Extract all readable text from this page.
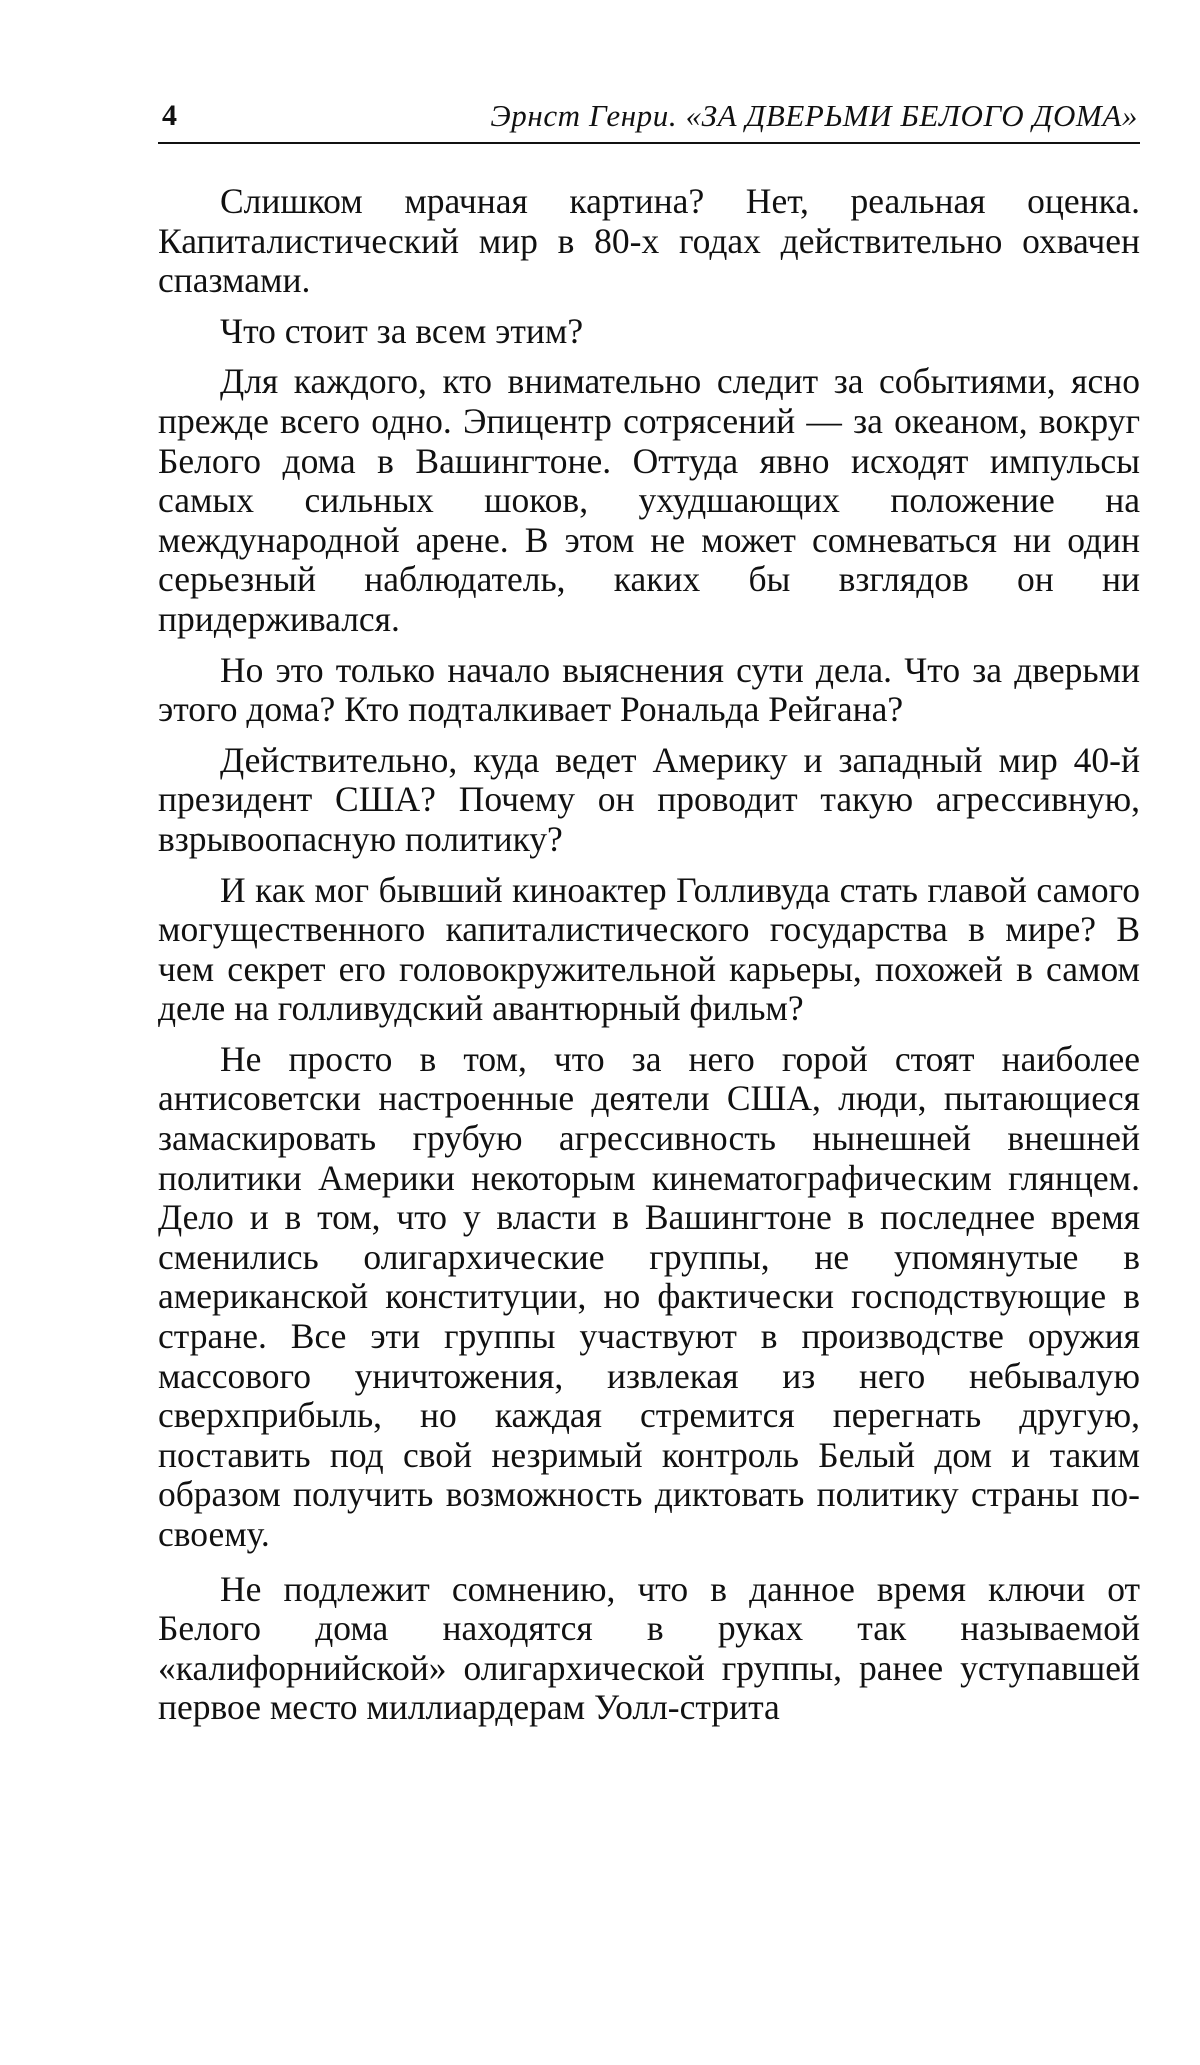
4	Эрнст Генри. «ЗА ДВЕРЬМИ БЕЛОГО ДОМА»

Слишком мрачная картина? Нет, реальная оценка. Капиталистический мир в 80-х годах действительно охвачен спазмами.

Что стоит за всем этим?

Для каждого, кто внимательно следит за событиями, ясно прежде всего одно. Эпицентр сотрясений — за океаном, вокруг Белого дома в Вашингтоне. Оттуда явно исходят импульсы самых сильных шоков, ухудшающих положение на международной арене. В этом не может сомневаться ни один серьезный наблюдатель, каких бы взглядов он ни придерживался.

Но это только начало выяснения сути дела. Что за дверьми этого дома? Кто подталкивает Рональда Рейгана?

Действительно, куда ведет Америку и западный мир 40-й президент США? Почему он проводит такую агрессивную, взрывоопасную политику?

И как мог бывший киноактер Голливуда стать главой самого могущественного капиталистического государства в мире? В чем секрет его головокружительной карьеры, похожей в самом деле на голливудский авантюрный фильм?

Не просто в том, что за него горой стоят наиболее антисоветски настроенные деятели США, люди, пытающиеся замаскировать грубую агрессивность нынешней внешней политики Америки некоторым кинематографическим глянцем. Дело и в том, что у власти в Вашингтоне в последнее время сменились олигархические группы, не упомянутые в американской конституции, но фактически господствующие в стране. Все эти группы участвуют в производстве оружия массового уничтожения, извлекая из него небывалую сверхприбыль, но каждая стремится перегнать другую, поставить под свой незримый контроль Белый дом и таким образом получить возможность диктовать политику страны по-своему.

Не подлежит сомнению, что в данное время ключи от Белого дома находятся в руках так называемой «калифорнийской» олигархической группы, ранее уступавшей первое место миллиардерам Уолл-стрита
